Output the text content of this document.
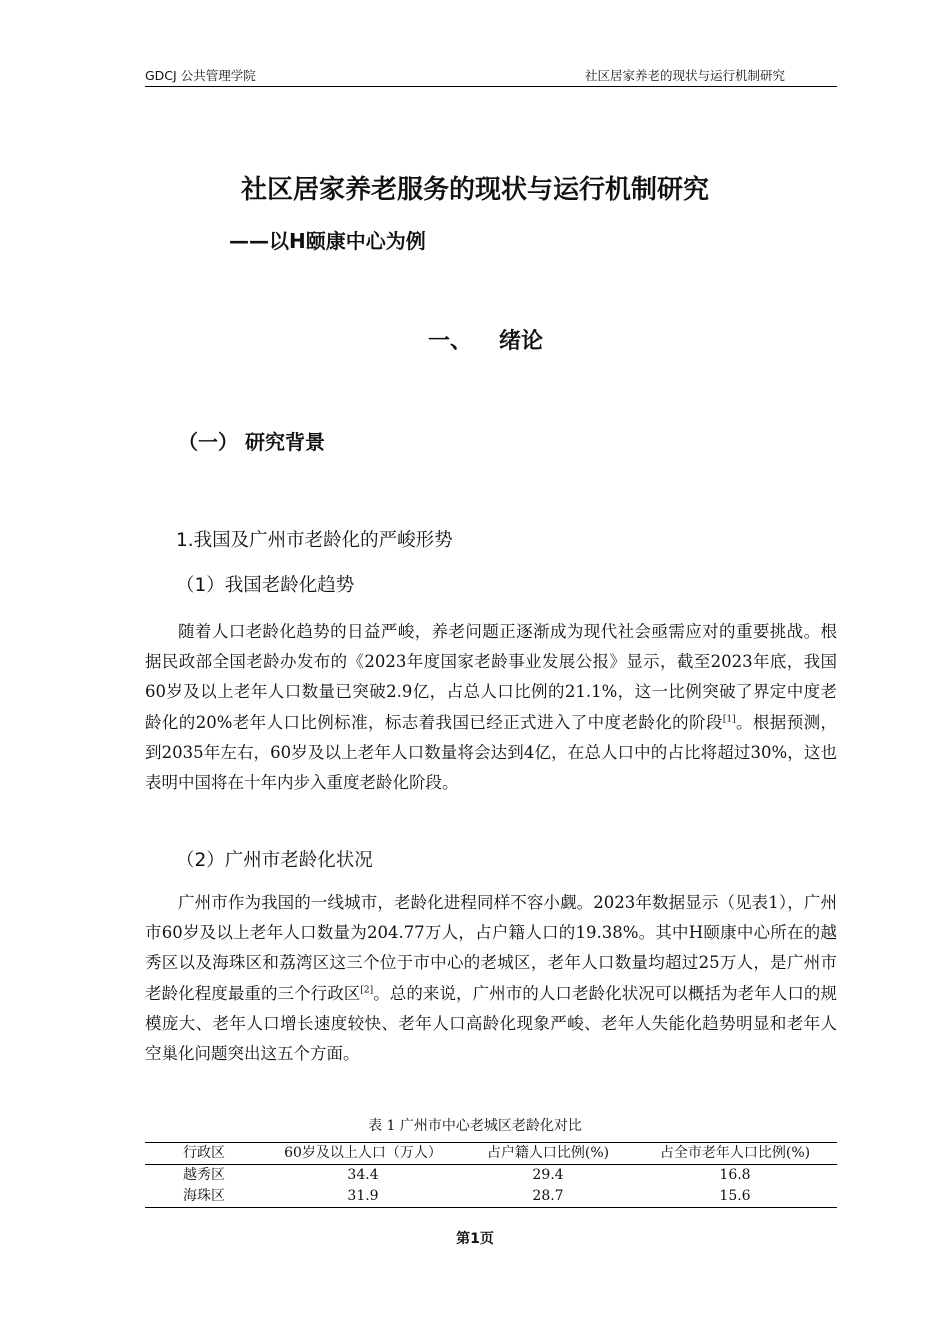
GDCJ 公共管理学院	社区居家养老的现状与运行机制研究
社区居家养老服务的现状与运行机制研究
——以H颐康中心为例
一、 绪论
（一） 研究背景
1.我国及广州市老龄化的严峻形势
（1）我国老龄化趋势

随着人口老龄化趋势的日益严峻，养老问题正逐渐成为现代社会亟需应对的重要挑战。根据民政部全国老龄办发布的《2023年度国家老龄事业发展公报》显示，截至2023年底，我国60岁及以上老年人口数量已突破2.9亿，占总人口比例的21.1%，这一比例突破了界定中度老龄化的20%老年人口比例标准，标志着我国已经正式进入了中度老龄化的阶段[1]。根据预测，到2035年左右，60岁及以上老年人口数量将会达到4亿，在总人口中的占比将超过30%，这也表明中国将在十年内步入重度老龄化阶段。

（2）广州市老龄化状况

广州市作为我国的一线城市，老龄化进程同样不容小觑。2023年数据显示（见表1），广州市60岁及以上老年人口数量为204.77万人，占户籍人口的19.38%。其中H颐康中心所在的越秀区以及海珠区和荔湾区这三个位于市中心的老城区，老年人口数量均超过25万人，是广州市老龄化程度最重的三个行政区[2]。总的来说，广州市的人口老龄化状况可以概括为老年人口的规模庞大、老年人口增长速度较快、老年人口高龄化现象严峻、老年人失能化趋势明显和老年人空巢化问题突出这五个方面。

表 1 广州市中心老城区老龄化对比
行政区	60岁及以上人口（万人）	占户籍人口比例(%)	占全市老年人口比例(%)
越秀区	34.4	29.4	16.8
海珠区	31.9	28.7	15.6
第1页
